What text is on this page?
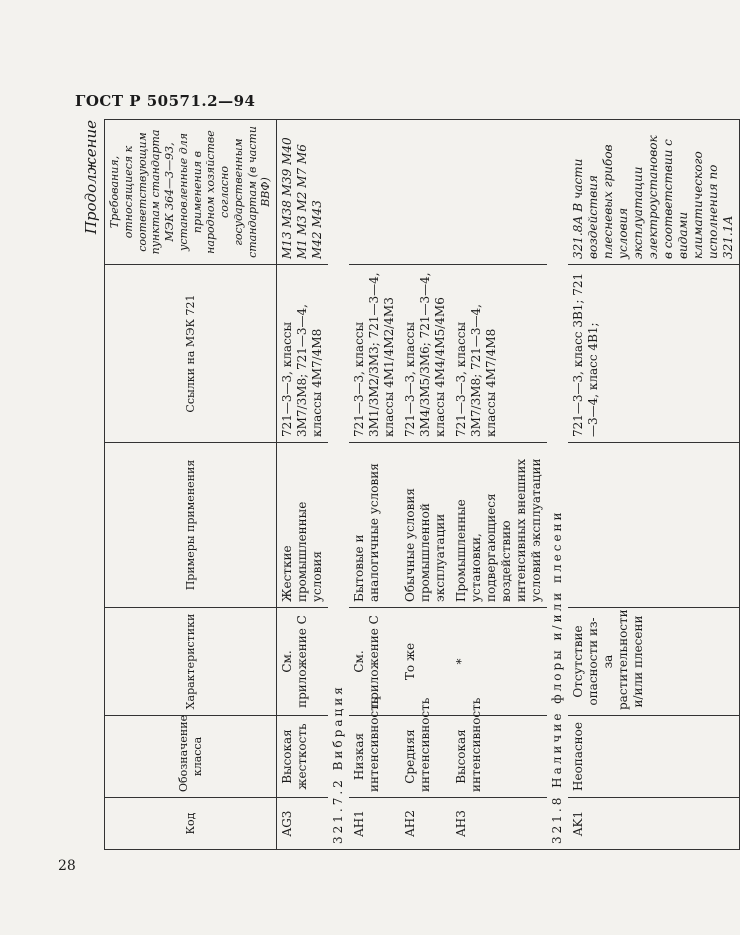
ГОСТ Р 50571.2—94
Продолжение
Код	Обозначение класса	Характеристики	Примеры применения	Ссылки на МЭК 721	Требования, относящиеся к соответствующим пунктам стандарта МЭК 364—3—93, установленные для применения в народном хозяйстве согласно государственным стандартам (в части ВВФ)
AG3	Высокая жесткость	См. приложение С	Жесткие промышленные условия	721—3—3, классы 3М7/3М8; 721—3—4, классы 4М7/4М8	М13 М38 М39 М40 М1 М3 М2 М7 М6 М42 М43
321.7.2 Вибрация					
AH1	Низкая интенсивность	См. приложение С	Бытовые и аналогичные условия	721—3—3, классы 3М1/3М2/3М3; 721—3—4, классы 4М1/4М2/4М3	
AH2	Средняя интенсивность	То же	Обычные условия промышленной эксплуатации	721—3—3, классы 3М4/3М5/3М6; 721—3—4, классы 4М4/4М5/4М6	
AH3	Высокая интенсивность	*	Промышленные установки, подвергающиеся воздействию интенсивных внешних условий эксплуатации	721—3—3, классы 3М7/3М8; 721—3—4, классы 4М7/4М8	
321.8 Наличие флоры и/или плесени					
AK1	Неопасное	Отсутствие опасности из-за растительности и/или плесени		721—3—3, класс 3В1; 721—3—4, класс 4В1;	321.8А В части воздействия плесневых грибов условия эксплуатации электроустановок в соответствии с видами климатического исполнения по 321.1А
28
